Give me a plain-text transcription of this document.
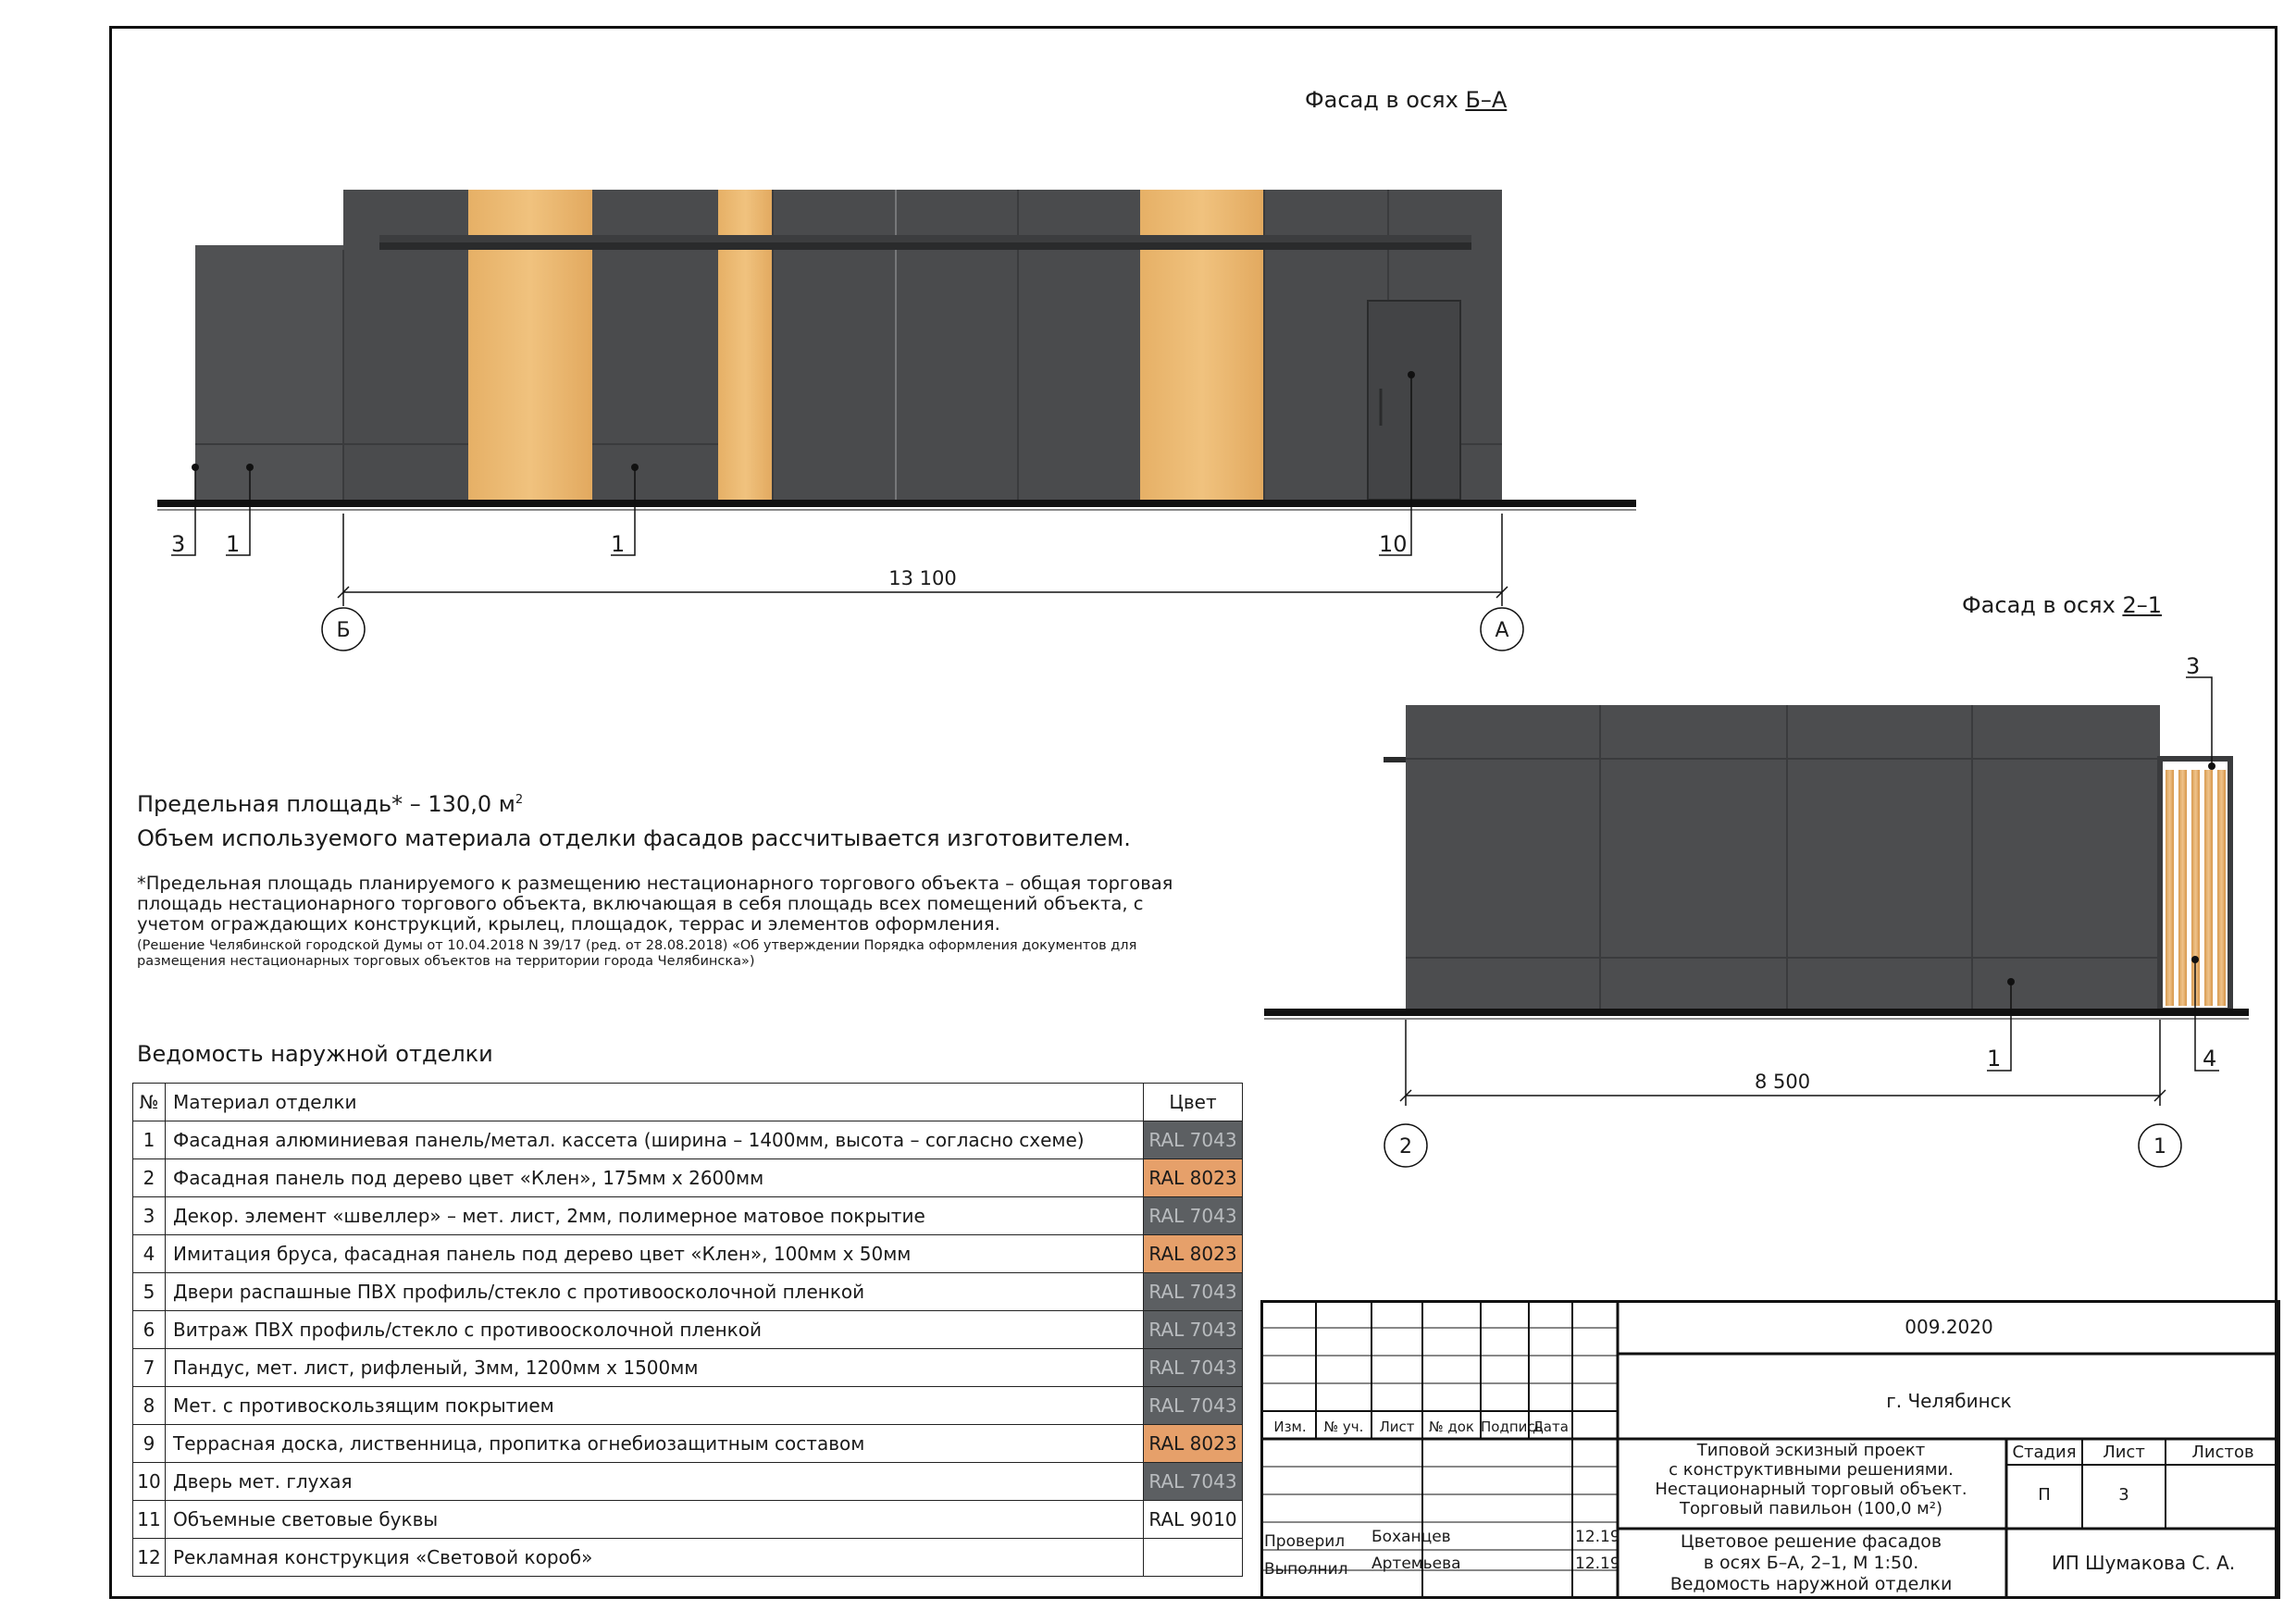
Фасад в осях Б–А
3 1	1	10
13 100
Б	А
Фасад в осях 2–1
3
1	4
8 500
2	1
Предельная площадь* – 130,0 $м^2$
Объем используемого материала отделки фасадов рассчитывается изготовителем.
*Предельная площадь планируемого к размещению нестационарного торгового объекта – общая торговая площадь нестационарного торгового объекта, включающая в себя площадь всех помещений объекта, с учетом ограждающих конструкций, крылец, площадок, террас и элементов оформления.
(Решение Челябинской городской Думы от 10.04.2018 N 39/17 (ред. от 28.08.2018) «Об утверждении Порядка оформления документов для размещения нестационарных торговых объектов на территории города Челябинска»)
Ведомость наружной отделки
№	Материал отделки	Цвет
1	Фасадная алюминиевая панель/метал. кассета (ширина – 1400мм, высота – согласно схеме)	RAL 7043
2	Фасадная панель под дерево цвет «Клен», 175мм х 2600мм	RAL 8023
3	Декор. элемент «швеллер» – мет. лист, 2мм, полимерное матовое покрытие	RAL 7043
4	Имитация бруса, фасадная панель под дерево цвет «Клен», 100мм х 50мм	RAL 8023
5	Двери распашные ПВХ профиль/стекло с противоосколочной пленкой	RAL 7043
6	Витраж ПВХ профиль/стекло с противоосколочной пленкой	RAL 7043
7	Пандус, мет. лист, рифленый, 3мм, 1200мм х 1500мм	RAL 7043
8	Мет. с противоскользящим покрытием	RAL 7043
9	Террасная доска, лиственница, пропитка огнебиозащитным составом	RAL 8023
10	Дверь мет. глухая	RAL 7043
11	Объемные световые буквы	RAL 9010
12	Рекламная конструкция «Световой короб»	
Изм.	№ уч.	Лист	№ док Подпись
Дата
Проверил Боханцев	12.19
Выполнил Артемьева	12.19
009.2020
г. Челябинск
Типовой эскизный проект
с конструктивными решениями.
Нестационарный торговый объект.
Торговый павильон (100,0 м²)
Стадия	Лист	Листов
П	3
Цветовое решение фасадов
в осях Б–А, 2–1, М 1:50.
Ведомость наружной отделки
ИП Шумакова С. А.
